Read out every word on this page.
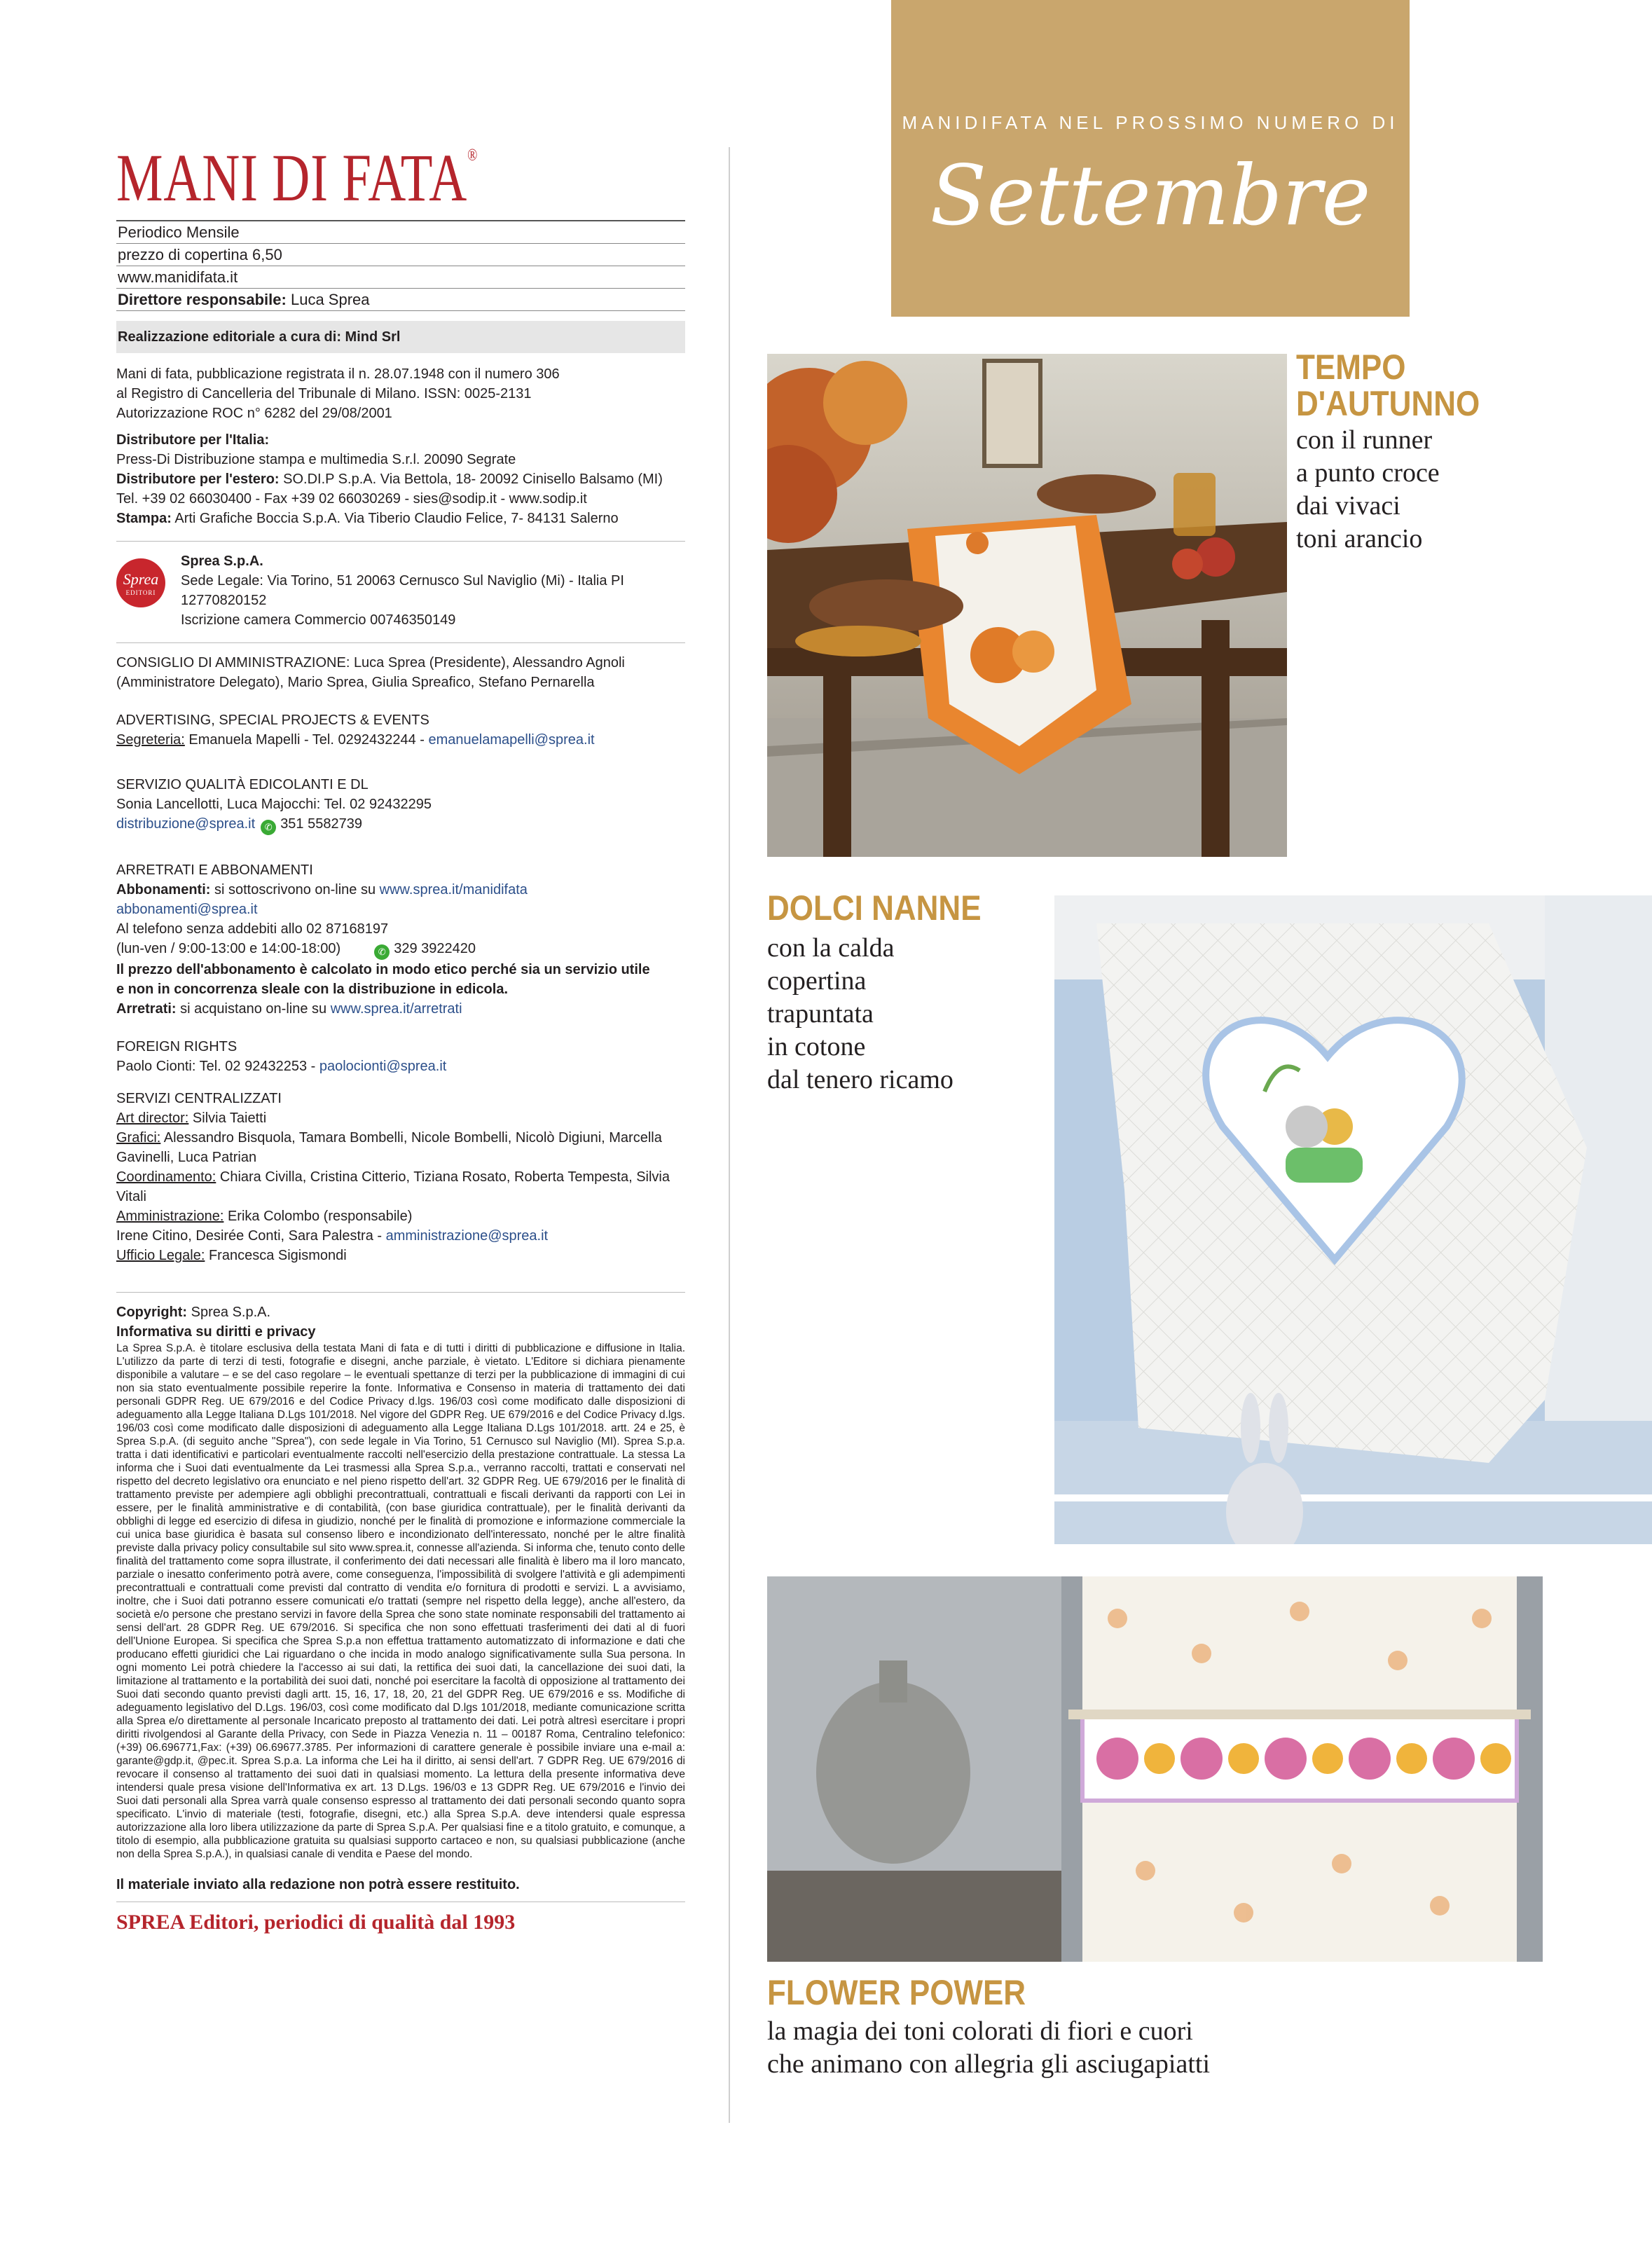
MANI DI FATA®
Periodico Mensile
prezzo di copertina 6,50
www.manidifata.it
Direttore responsabile: Luca Sprea
Realizzazione editoriale a cura di: Mind Srl
Mani di fata, pubblicazione registrata il n. 28.07.1948 con il numero 306
al Registro di Cancelleria del Tribunale di Milano. ISSN: 0025-2131
Autorizzazione ROC n° 6282 del 29/08/2001
Distributore per l'Italia:
Press-Di Distribuzione stampa e multimedia S.r.l. 20090 Segrate
Distributore per l'estero: SO.DI.P S.p.A. Via Bettola, 18- 20092 Cinisello Balsamo (MI)
Tel. +39 02 66030400 - Fax +39 02 66030269 - sies@sodip.it - www.sodip.it
Stampa: Arti Grafiche Boccia S.p.A. Via Tiberio Claudio Felice, 7- 84131 Salerno
Sprea
EDITORI
Sprea S.p.A.
Sede Legale: Via Torino, 51 20063 Cernusco Sul Naviglio (Mi) - Italia PI 12770820152
Iscrizione camera Commercio 00746350149
CONSIGLIO DI AMMINISTRAZIONE: Luca Sprea (Presidente), Alessandro Agnoli (Amministratore Delegato), Mario Sprea, Giulia Spreafico, Stefano Pernarella
ADVERTISING, SPECIAL PROJECTS & EVENTS
Segreteria: Emanuela Mapelli - Tel. 0292432244 - emanuelamapelli@sprea.it
SERVIZIO QUALITÀ EDICOLANTI E DL
Sonia Lancellotti, Luca Majocchi: Tel. 02 92432295
distribuzione@sprea.it ✆ 351 5582739
ARRETRATI E ABBONAMENTI
Abbonamenti: si sottoscrivono on-line su www.sprea.it/manidifata
abbonamenti@sprea.it
Al telefono senza addebiti allo 02 87168197
(lun-ven / 9:00-13:00 e 14:00-18:00)	✆ 329 3922420
Il prezzo dell'abbonamento è calcolato in modo etico perché sia un servizio utile
e non in concorrenza sleale con la distribuzione in edicola.
Arretrati: si acquistano on-line su www.sprea.it/arretrati
FOREIGN RIGHTS
Paolo Cionti: Tel. 02 92432253 - paolocionti@sprea.it
SERVIZI CENTRALIZZATI
Art director: Silvia Taietti
Grafici: Alessandro Bisquola, Tamara Bombelli, Nicole Bombelli, Nicolò Digiuni, Marcella Gavinelli, Luca Patrian
Coordinamento: Chiara Civilla, Cristina Citterio, Tiziana Rosato, Roberta Tempesta, Silvia Vitali
Amministrazione: Erika Colombo (responsabile)
Irene Citino, Desirée Conti, Sara Palestra - amministrazione@sprea.it
Ufficio Legale: Francesca Sigismondi
Copyright: Sprea S.p.A.
Informativa su diritti e privacy
La Sprea S.p.A. è titolare esclusiva della testata Mani di fata e di tutti i diritti di pubblicazione e diffusione in Italia. L'utilizzo da parte di terzi di testi, fotografie e disegni, anche parziale, è vietato. L'Editore si dichiara pienamente disponibile a valutare – e se del caso regolare – le eventuali spettanze di terzi per la pubblicazione di immagini di cui non sia stato eventualmente possibile reperire la fonte. Informativa e Consenso in materia di trattamento dei dati personali GDPR Reg. UE 679/2016 e del Codice Privacy d.lgs. 196/03 così come modificato dalle disposizioni di adeguamento alla Legge Italiana D.Lgs 101/2018. Nel vigore del GDPR Reg. UE 679/2016 e del Codice Privacy d.lgs. 196/03 così come modificato dalle disposizioni di adeguamento alla Legge Italiana D.Lgs 101/2018. artt. 24 e 25, è Sprea S.p.A. (di seguito anche "Sprea"), con sede legale in Via Torino, 51 Cernusco sul Naviglio (MI). Sprea S.p.a. tratta i dati identificativi e particolari eventualmente raccolti nell'esercizio della prestazione contrattuale. La stessa La informa che i Suoi dati eventualmente da Lei trasmessi alla Sprea S.p.a., verranno raccolti, trattati e conservati nel rispetto del decreto legislativo ora enunciato e nel pieno rispetto dell'art. 32 GDPR Reg. UE 679/2016 per le finalità di trattamento previste per adempiere agli obblighi precontrattuali, contrattuali e fiscali derivanti da rapporti con Lei in essere, per le finalità amministrative e di contabilità, (con base giuridica contrattuale), per le finalità derivanti da obblighi di legge ed esercizio di difesa in giudizio, nonché per le finalità di promozione e informazione commerciale la cui unica base giuridica è basata sul consenso libero e incondizionato dell'interessato, nonché per le altre finalità previste dalla privacy policy consultabile sul sito www.sprea.it, connesse all'azienda. Si informa che, tenuto conto delle finalità del trattamento come sopra illustrate, il conferimento dei dati necessari alle finalità è libero ma il loro mancato, parziale o inesatto conferimento potrà avere, come conseguenza, l'impossibilità di svolgere l'attività e gli adempimenti precontrattuali e contrattuali come previsti dal contratto di vendita e/o fornitura di prodotti e servizi. L a avvisiamo, inoltre, che i Suoi dati potranno essere comunicati e/o trattati (sempre nel rispetto della legge), anche all'estero, da società e/o persone che prestano servizi in favore della Sprea che sono state nominate responsabili del trattamento ai sensi dell'art. 28 GDPR Reg. UE 679/2016. Si specifica che non sono effettuati trasferimenti dei dati al di fuori dell'Unione Europea. Si specifica che Sprea S.p.a non effettua trattamento automatizzato di informazione e dati che producano effetti giuridici che Lai riguardano o che incida in modo analogo significativamente sulla Sua persona. In ogni momento Lei potrà chiedere la l'accesso ai sui dati, la rettifica dei suoi dati, la cancellazione dei suoi dati, la limitazione al trattamento e la portabilità dei suoi dati, nonché poi esercitare la facoltà di opposizione al trattamento dei Suoi dati secondo quanto previsti dagli artt. 15, 16, 17, 18, 20, 21 del GDPR Reg. UE 679/2016 e ss. Modifiche di adeguamento legislativo del D.Lgs. 196/03, così come modificato dal D.lgs 101/2018, mediante comunicazione scritta alla Sprea e/o direttamente al personale Incaricato preposto al trattamento dei dati. Lei potrà altresì esercitare i propri diritti rivolgendosi al Garante della Privacy, con Sede in Piazza Venezia n. 11 – 00187 Roma, Centralino telefonico: (+39) 06.696771,Fax: (+39) 06.69677.3785. Per informazioni di carattere generale è possibile inviare una e-mail a: garante@gdp.it, @pec.it. Sprea S.p.a. La informa che Lei ha il diritto, ai sensi dell'art. 7 GDPR Reg. UE 679/2016 di revocare il consenso al trattamento dei suoi dati in qualsiasi momento. La lettura della presente informativa deve intendersi quale presa visione dell'Informativa ex art. 13 D.Lgs. 196/03 e 13 GDPR Reg. UE 679/2016 e l'invio dei Suoi dati personali alla Sprea varrà quale consenso espresso al trattamento dei dati personali secondo quanto sopra specificato. L'invio di materiale (testi, fotografie, disegni, etc.) alla Sprea S.p.A. deve intendersi quale espressa autorizzazione alla loro libera utilizzazione da parte di Sprea S.p.A. Per qualsiasi fine e a titolo gratuito, e comunque, a titolo di esempio, alla pubblicazione gratuita su qualsiasi supporto cartaceo e non, su qualsiasi pubblicazione (anche non della Sprea S.p.A.), in qualsiasi canale di vendita e Paese del mondo.
Il materiale inviato alla redazione non potrà essere restituito.
SPREA Editori, periodici di qualità dal 1993
MANIDIFATA NEL PROSSIMO NUMERO DI
Settembre
TEMPO
D'AUTUNNO
con il runner
a punto croce
dai vivaci
toni arancio
DOLCI NANNE
con la calda
copertina
trapuntata
in cotone
dal tenero ricamo
FLOWER POWER
la magia dei toni colorati di fiori e cuori
che animano con allegria gli asciugapiatti
